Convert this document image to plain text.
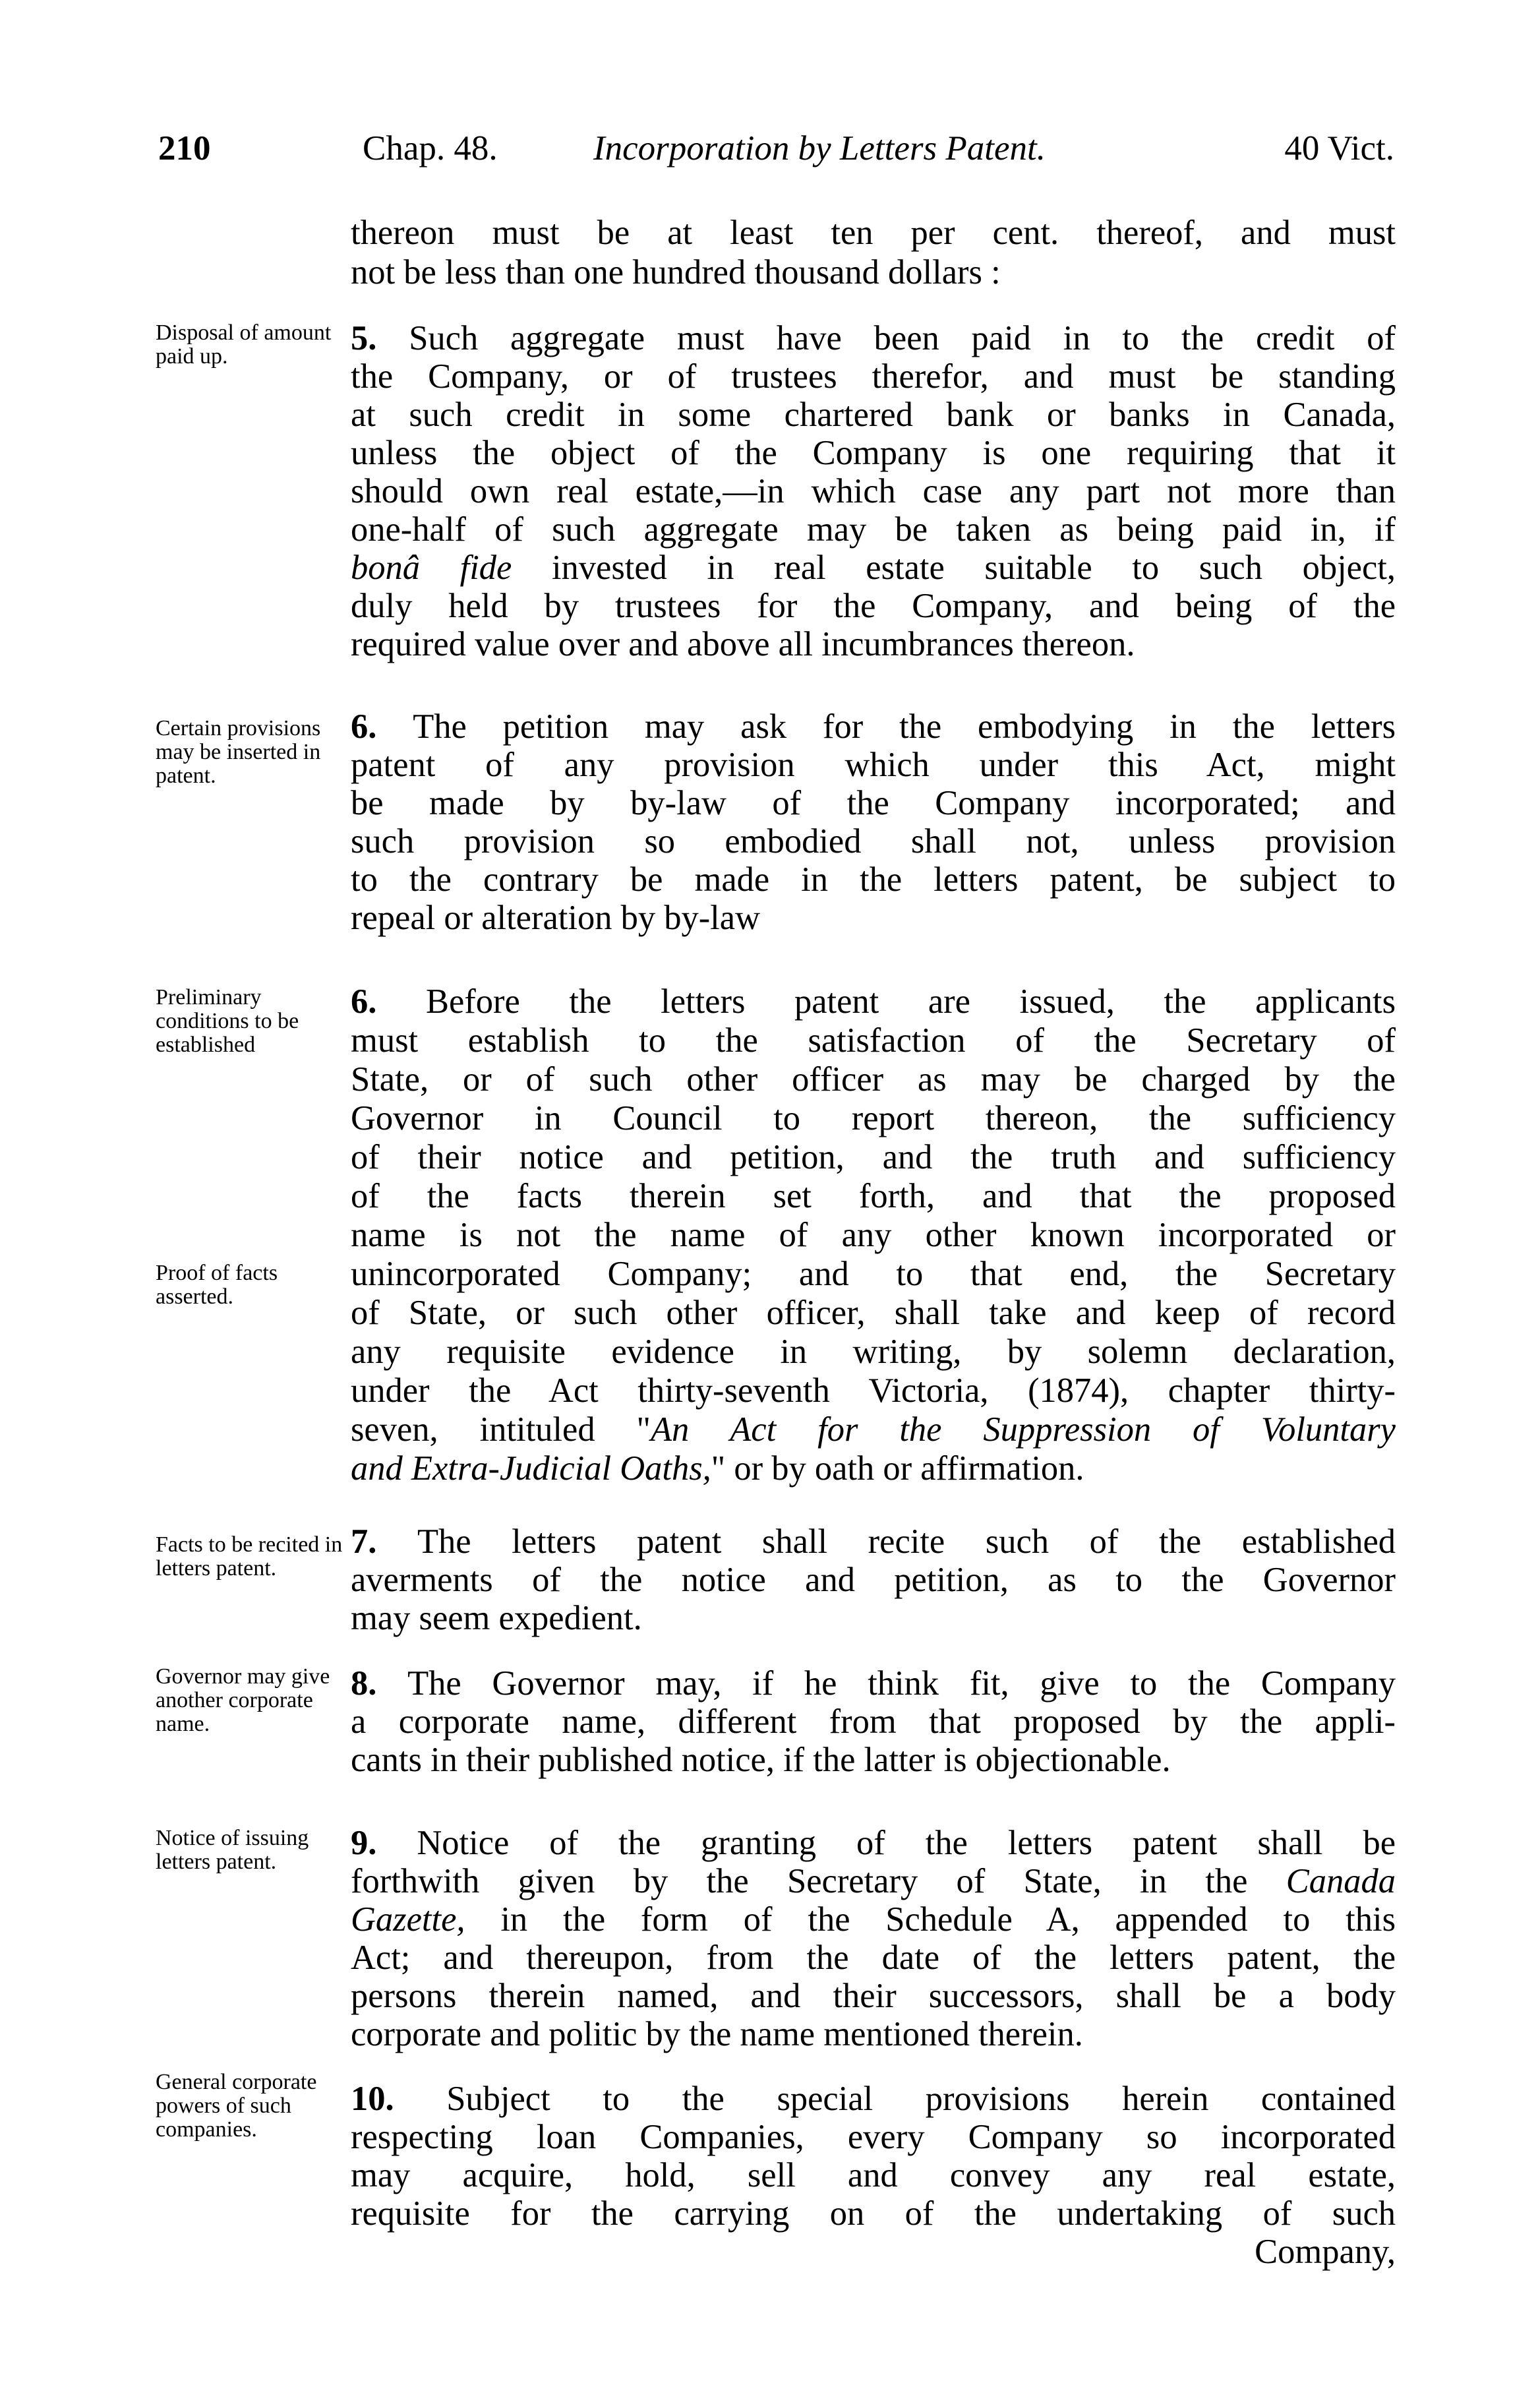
210	Chap. 48.	Incorporation by Letters Patent.	40 Vict.
Disposal of amount paid up.
Certain provisions may be inserted in patent.
Preliminary conditions to be established
Proof of facts asserted.
Facts to be recited in letters patent.
Governor may give another corporate name.
Notice of issuing letters patent.
General corporate powers of such companies.
thereon must be at least ten per cent. thereof, and must
not be less than one hundred thousand dollars :
5. Such aggregate must have been paid in to the credit of
the Company, or of trustees therefor, and must be standing
at such credit in some chartered bank or banks in Canada,
unless the object of the Company is one requiring that it
should own real estate,—in which case any part not more than
one-half of such aggregate may be taken as being paid in, if
bonâ fide invested in real estate suitable to such object,
duly held by trustees for the Company, and being of the
required value over and above all incumbrances thereon.
6. The petition may ask for the embodying in the letters
patent of any provision which under this Act, might
be made by by-law of the Company incorporated; and
such provision so embodied shall not, unless provision
to the contrary be made in the letters patent, be subject to
repeal or alteration by by-law
6. Before the letters patent are issued, the applicants
must establish to the satisfaction of the Secretary of
State, or of such other officer as may be charged by the
Governor in Council to report thereon, the sufficiency
of their notice and petition, and the truth and sufficiency
of the facts therein set forth, and that the proposed
name is not the name of any other known incorporated or
unincorporated Company; and to that end, the Secretary
of State, or such other officer, shall take and keep of record
any requisite evidence in writing, by solemn declaration,
under the Act thirty-seventh Victoria, (1874), chapter thirty-
seven, intituled "An Act for the Suppression of Voluntary
and Extra-Judicial Oaths," or by oath or affirmation.
7. The letters patent shall recite such of the established
averments of the notice and petition, as to the Governor
may seem expedient.
8. The Governor may, if he think fit, give to the Company
a corporate name, different from that proposed by the appli-
cants in their published notice, if the latter is objectionable.
9. Notice of the granting of the letters patent shall be
forthwith given by the Secretary of State, in the Canada
Gazette, in the form of the Schedule A, appended to this
Act; and thereupon, from the date of the letters patent, the
persons therein named, and their successors, shall be a body
corporate and politic by the name mentioned therein.
10. Subject to the special provisions herein contained
respecting loan Companies, every Company so incorporated
may acquire, hold, sell and convey any real estate,
requisite for the carrying on of the undertaking of such
Company,
